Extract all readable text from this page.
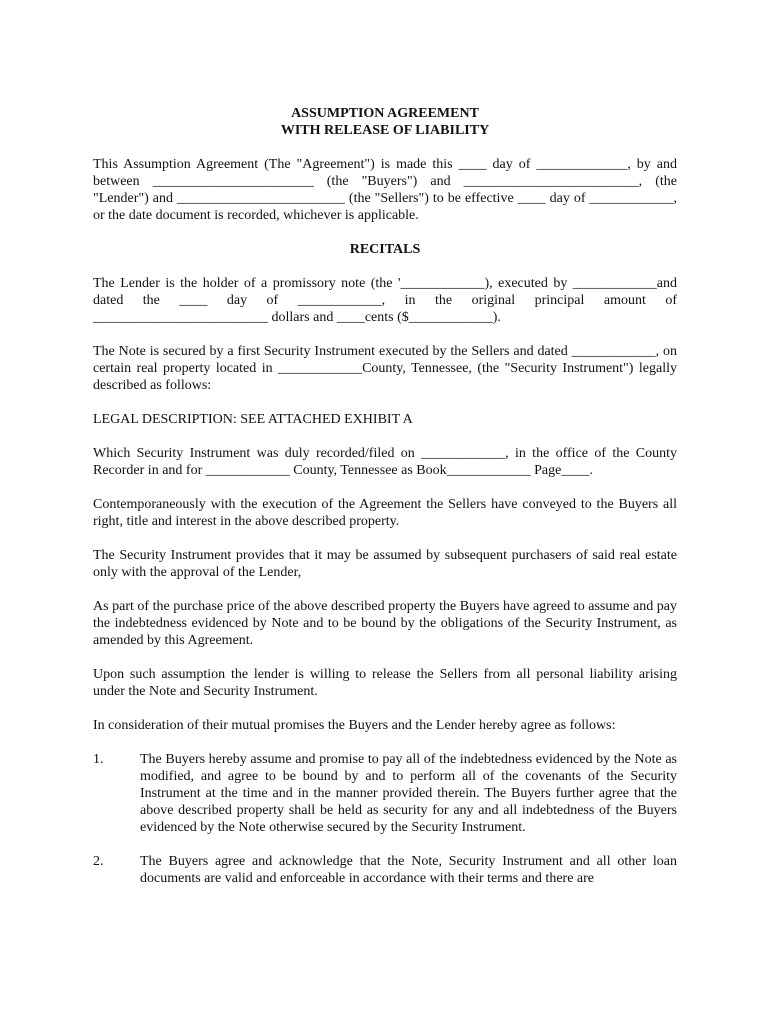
ASSUMPTION AGREEMENT
WITH RELEASE OF LIABILITY

This Assumption Agreement (The "Agreement") is made this ____ day of _____________, by and between _______________________ (the "Buyers") and _________________________, (the "Lender") and ________________________ (the "Sellers") to be effective ____ day of ____________, or the date document is recorded, whichever is applicable.

RECITALS

The Lender is the holder of a promissory note (the '____________), executed by ____________and dated the ____ day of ____________, in the original principal amount of _________________________ dollars and ____cents ($____________).

The Note is secured by a first Security Instrument executed by the Sellers and dated ____________, on certain real property located in ____________County, Tennessee, (the "Security Instrument") legally described as follows:

LEGAL DESCRIPTION: SEE ATTACHED EXHIBIT A

Which Security Instrument was duly recorded/filed on ____________, in the office of the County Recorder in and for ____________ County, Tennessee as Book____________ Page____.

Contemporaneously with the execution of the Agreement the Sellers have conveyed to the Buyers all right, title and interest in the above described property.

The Security Instrument provides that it may be assumed by subsequent purchasers of said real estate only with the approval of the Lender,

As part of the purchase price of the above described property the Buyers have agreed to assume and pay the indebtedness evidenced by Note and to be bound by the obligations of the Security Instrument, as amended by this Agreement.

Upon such assumption the lender is willing to release the Sellers from all personal liability arising under the Note and Security Instrument.

In consideration of their mutual promises the Buyers and the Lender hereby agree as follows:

1.	The Buyers hereby assume and promise to pay all of the indebtedness evidenced by the Note as modified, and agree to be bound by and to perform all of the covenants of the Security Instrument at the time and in the manner provided therein. The Buyers further agree that the above described property shall be held as security for any and all indebtedness of the Buyers evidenced by the Note otherwise secured by the Security Instrument.
2.	The Buyers agree and acknowledge that the Note, Security Instrument and all other loan documents are valid and enforceable in accordance with their terms and there are
